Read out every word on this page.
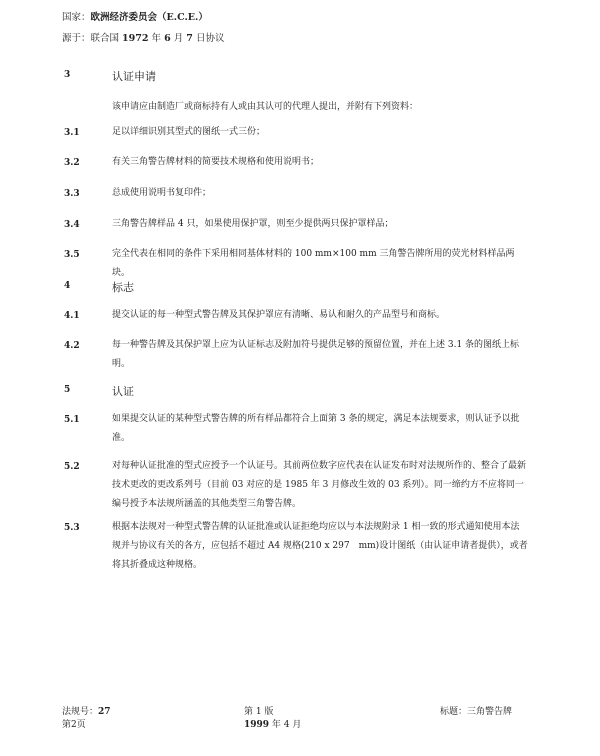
国家：欧洲经济委员会（E.C.E.）
源于：联合国 1972 年 6 月 7 日协议
3	认证申请
该申请应由制造厂或商标持有人或由其认可的代理人提出，并附有下列资料：
3.1	足以详细识别其型式的图纸一式三份；
3.2	有关三角警告牌材料的简要技术规格和使用说明书；
3.3	总成使用说明书复印件；
3.4	三角警告牌样品 4 只，如果使用保护罩，则至少提供两只保护罩样品；
3.5	完全代表在相同的条件下采用相同基体材料的 100 mm×100 mm 三角警告牌所用的荧光材料样品两块。
4	标志
4.1	提交认证的每一种型式警告牌及其保护罩应有清晰、易认和耐久的产品型号和商标。
4.2	每一种警告牌及其保护罩上应为认证标志及附加符号提供足够的预留位置，并在上述 3.1 条的图纸上标明。
5	认证
5.1	如果提交认证的某种型式警告牌的所有样品都符合上面第 3 条的规定，满足本法规要求，则认证予以批准。
5.2	对每种认证批准的型式应授予一个认证号。其前两位数字应代表在认证发布时对法规所作的、整合了最新技术更改的更改系列号（目前 03 对应的是 1985 年 3 月修改生效的 03 系列）。同一缔约方不应将同一编号授予本法规所涵盖的其他类型三角警告牌。
5.3	根据本法规对一种型式警告牌的认证批准或认证拒绝均应以与本法规附录 1 相一致的形式通知使用本法规并与协议有关的各方，应包括不超过 A4 规格(210 x 297　mm)设计图纸（由认证申请者提供），或者将其折叠成这种规格。
法规号：27
第2页
第 1 版
1999 年 4 月
标题：三角警告牌
